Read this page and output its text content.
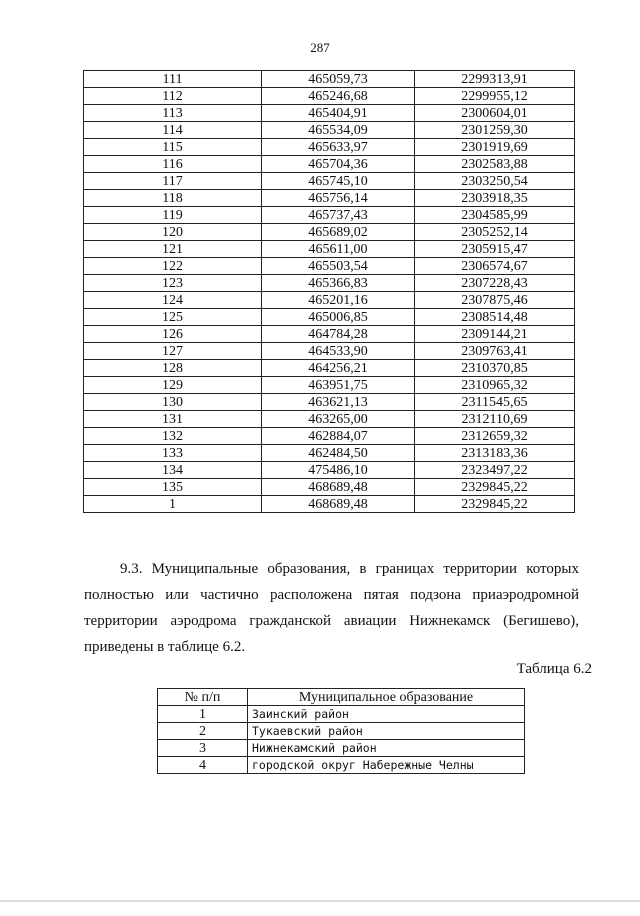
287
111	465059,73	2299313,91
112	465246,68	2299955,12
113	465404,91	2300604,01
114	465534,09	2301259,30
115	465633,97	2301919,69
116	465704,36	2302583,88
117	465745,10	2303250,54
118	465756,14	2303918,35
119	465737,43	2304585,99
120	465689,02	2305252,14
121	465611,00	2305915,47
122	465503,54	2306574,67
123	465366,83	2307228,43
124	465201,16	2307875,46
125	465006,85	2308514,48
126	464784,28	2309144,21
127	464533,90	2309763,41
128	464256,21	2310370,85
129	463951,75	2310965,32
130	463621,13	2311545,65
131	463265,00	2312110,69
132	462884,07	2312659,32
133	462484,50	2313183,36
134	475486,10	2323497,22
135	468689,48	2329845,22
1	468689,48	2329845,22
9.3. Муниципальные образования, в границах территории которых
полностью или частично расположена пятая подзона приаэродромной
территории аэродрома гражданской авиации Нижнекамск (Бегишево),
приведены в таблице 6.2.
Таблица 6.2
№ п/п	Муниципальное образование
1	Заинский район
2	Тукаевский район
3	Нижнекамский район
4	городской округ Набережные Челны
